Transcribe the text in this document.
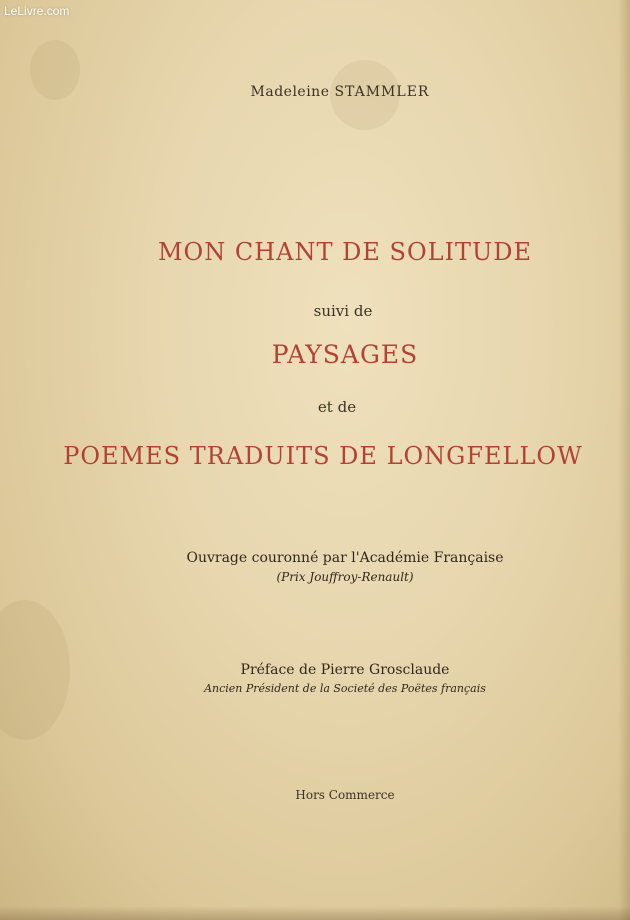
LeLivre.com
Madeleine STAMMLER
MON CHANT DE SOLITUDE
suivi de
PAYSAGES
et de
POEMES TRADUITS DE LONGFELLOW
Ouvrage couronné par l'Académie Française
(Prix Jouffroy-Renault)
Préface de Pierre Grosclaude
Ancien Président de la Societé des Poëtes français
Hors Commerce
